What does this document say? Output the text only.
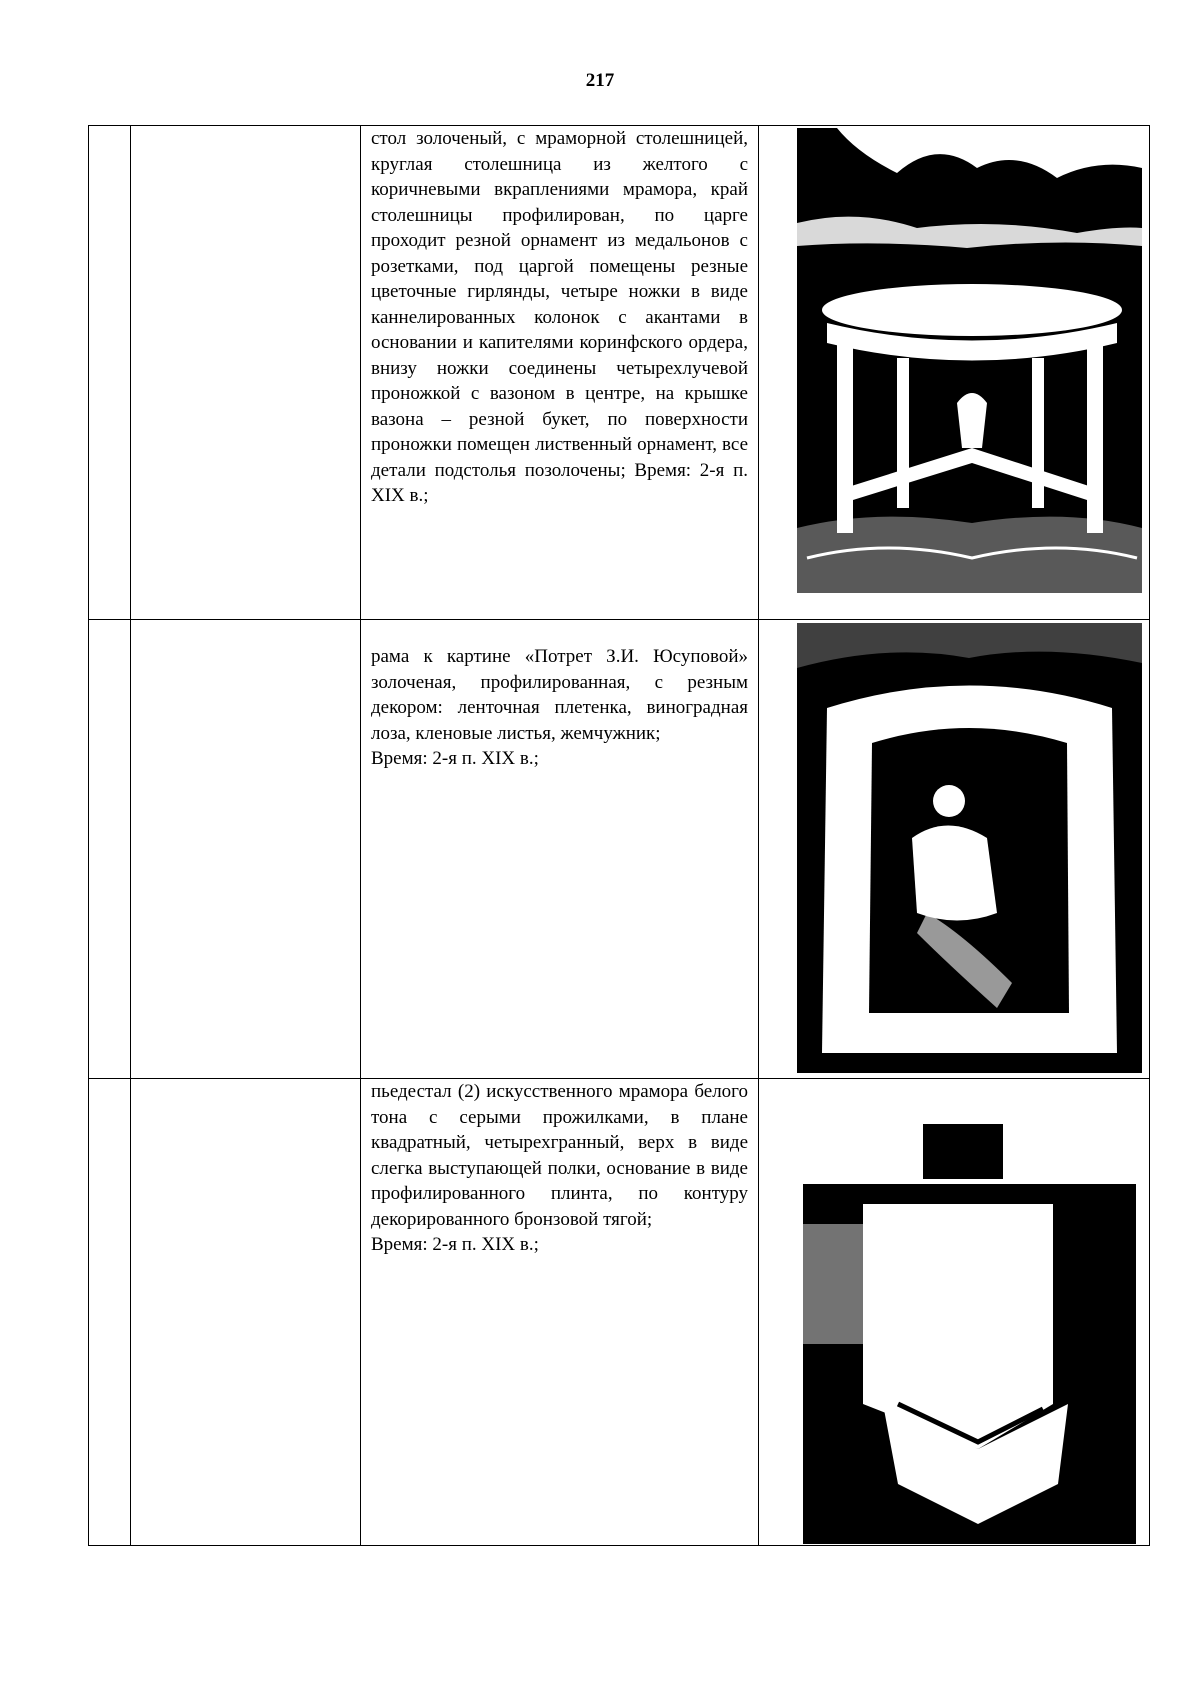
217

		стол золоченый, с мраморной столешницей, круглая столешница из желтого с коричневыми вкраплениями мрамора, край столешницы профилирован, по царге проходит резной орнамент из медальонов с розетками, под царгой помещены резные цветочные гирлянды, четыре ножки в виде каннелированных колонок с акантами в основании и капителями коринфского ордера, внизу ножки соединены четырехлучевой проножкой с вазоном в центре, на крышке вазона – резной букет, по поверхности проножки помещен лиственный орнамент, все детали подстолья позолочены; Время: 2-я п. XIX в.;

		рама к картине «Потрет З.И. Юсуповой» золоченая, профилированная, с резным декором: ленточная плетенка, виноградная лоза, кленовые листья, жемчужник;

Время: 2-я п. XIX в.;

		пьедестал (2) искусственного мрамора белого тона с серыми прожилками, в плане квадратный, четырехгранный, верх в виде слегка выступающей полки, основание в виде профилированного плинта, по контуру декорированного бронзовой тягой;

Время: 2-я п. XIX в.;
